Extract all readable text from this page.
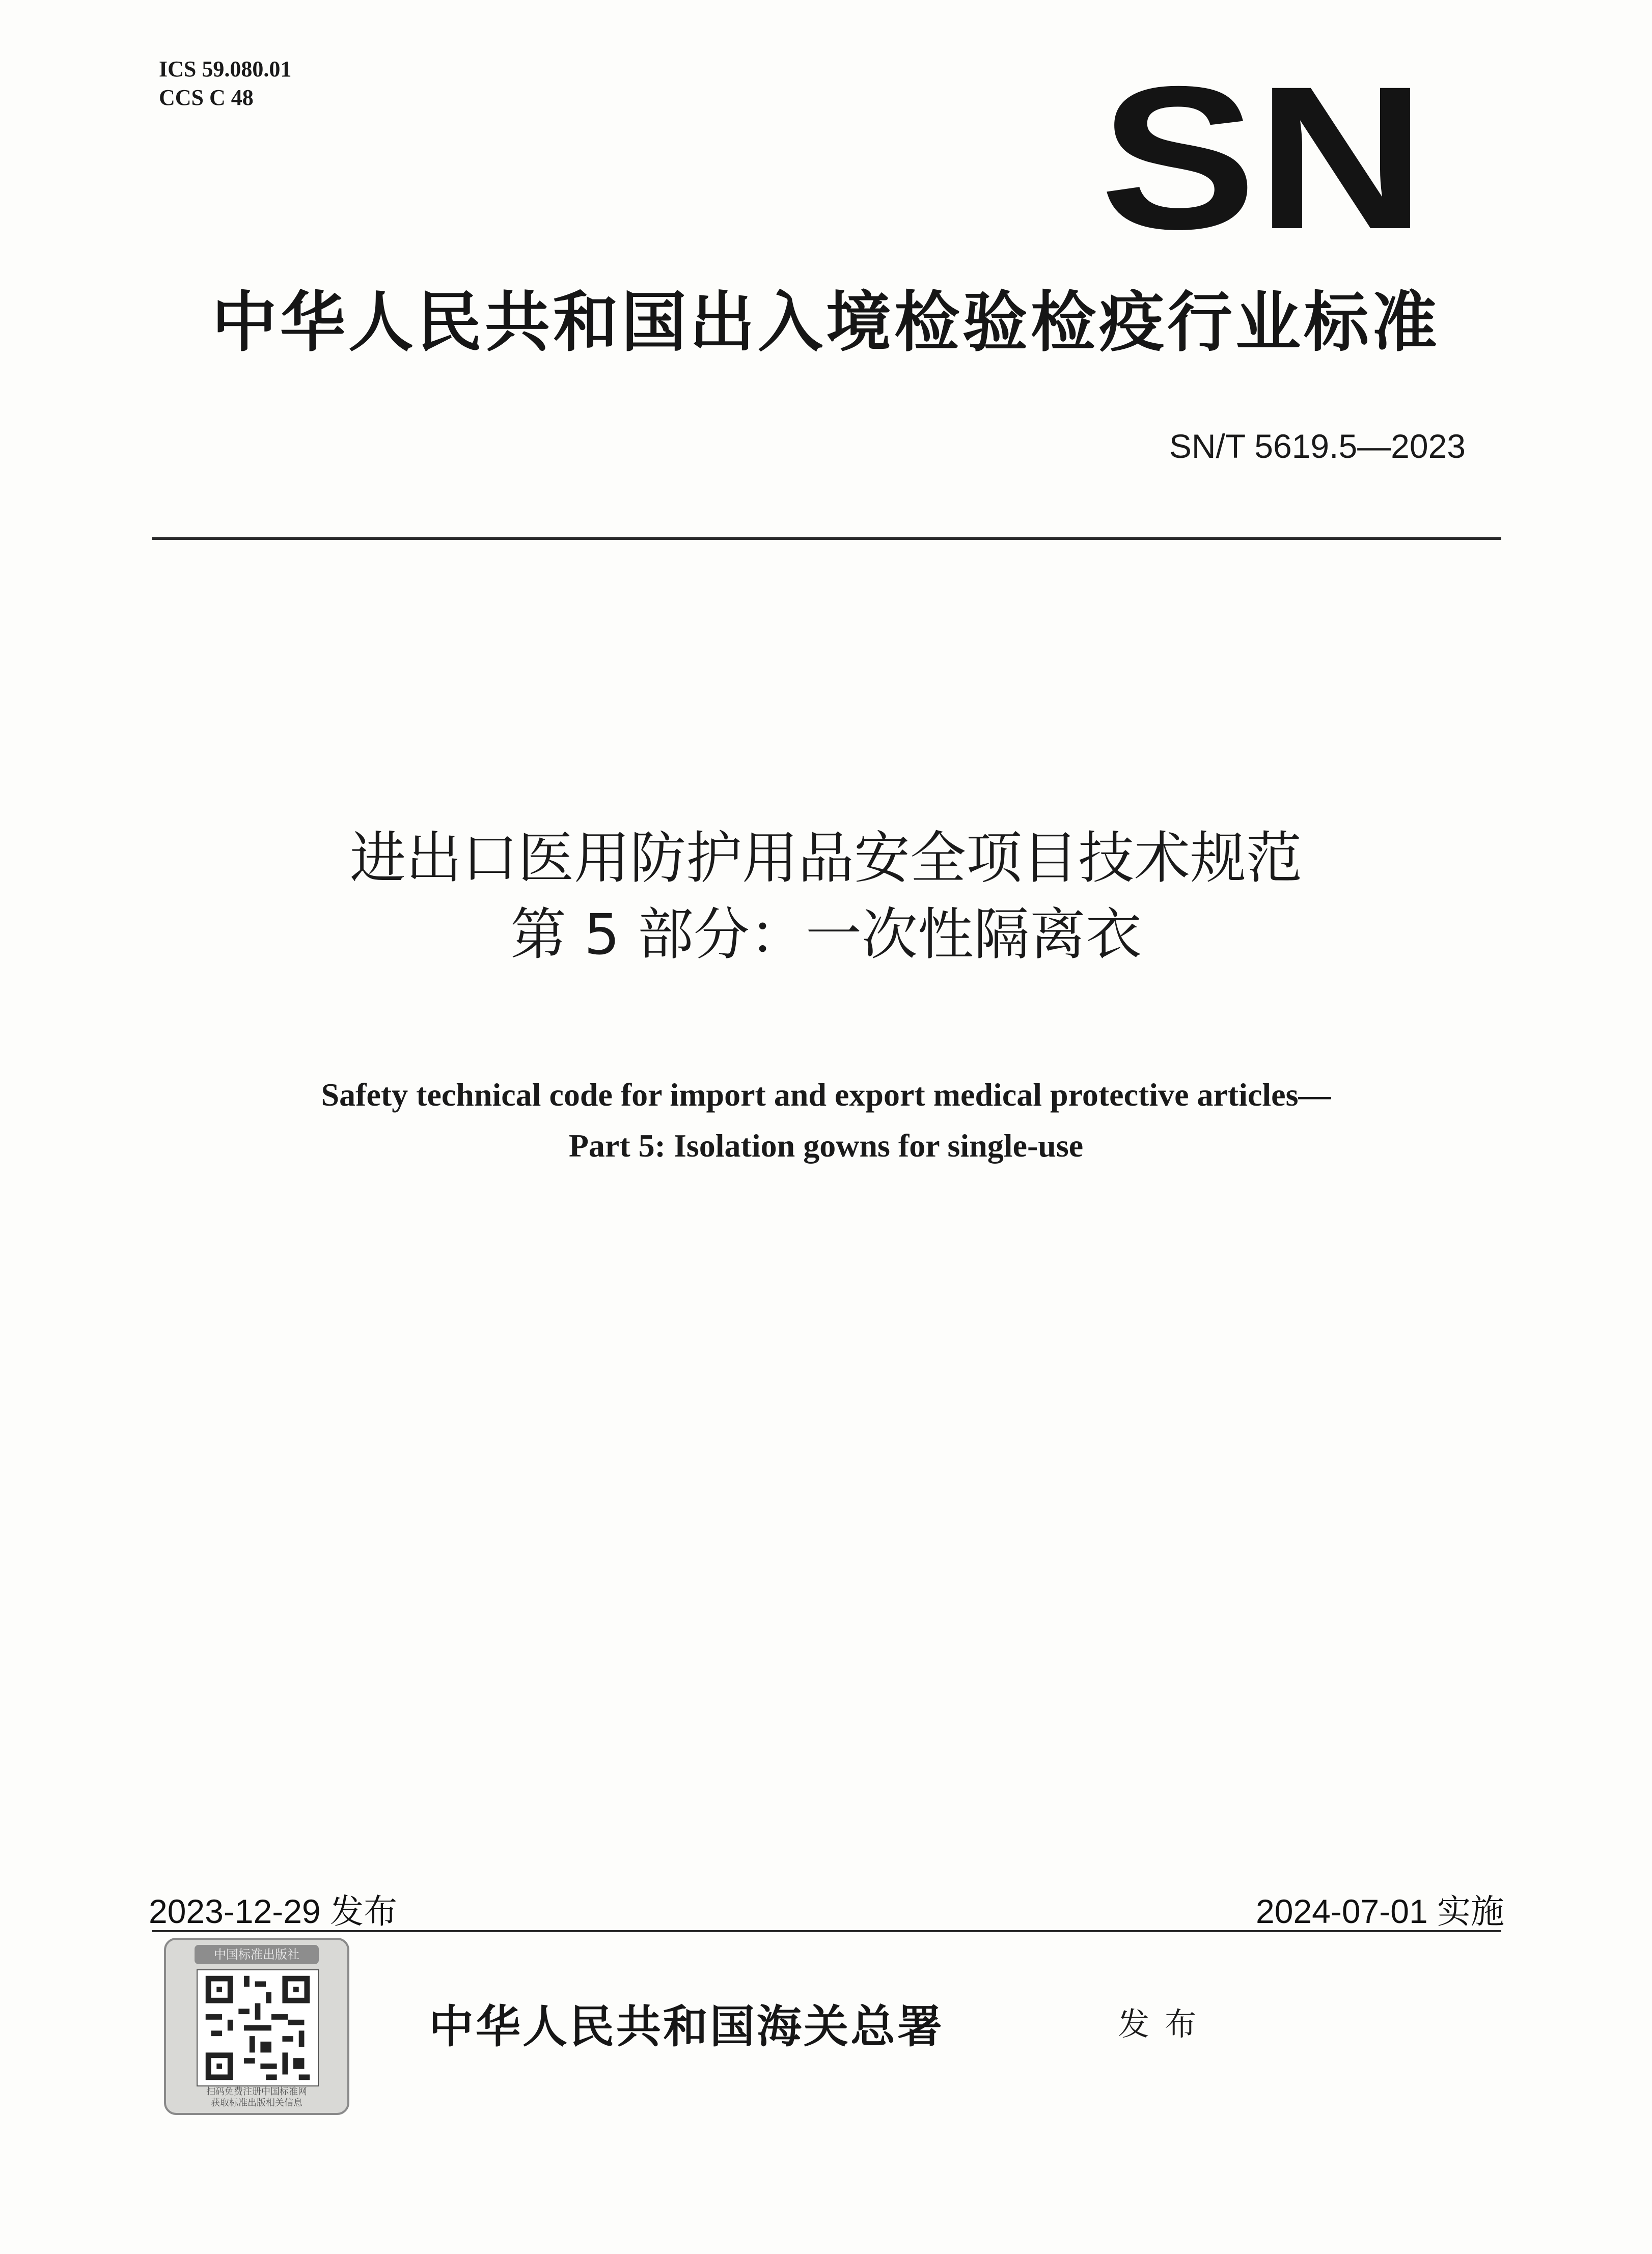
ICS 59.080.01
CCS C 48	SN
中华人民共和国出入境检验检疫行业标准
SN/T 5619.5—2023
进出口医用防护用品安全项目技术规范
第 5 部分：一次性隔离衣
Safety technical code for import and export medical protective articles—
Part 5: Isolation gowns for single-use
2023-12-29 发布	2024-07-01 实施
中国标准出版社
扫码免费注册中国标准网
获取标准出版相关信息
中华人民共和国海关总署	发布
